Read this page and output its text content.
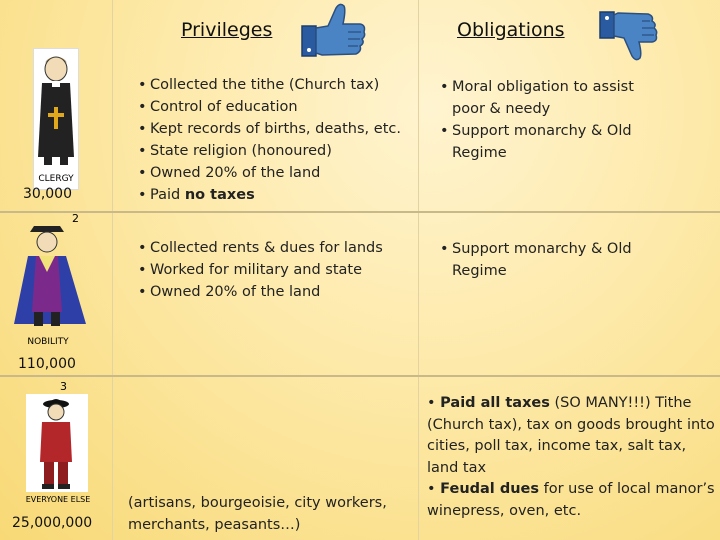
Privileges	Obligations
CLERGY
30,000
• Collected the tithe (Church tax)
• Control of education
• Kept records of births, deaths, etc.
• State religion (honoured)
• Owned 20% of the land
• Paid no taxes
• Moral obligation to assist poor & needy
• Support monarchy & Old Regime
2
NOBILITY
110,000
• Collected rents & dues for lands
• Worked for military and state
• Owned 20% of the land
• Support monarchy & Old Regime
3
EVERYONE ELSE
25,000,000
(artisans, bourgeoisie, city workers, merchants, peasants…)
• Paid all taxes (SO MANY!!!) Tithe (Church tax), tax on goods brought into cities, poll tax, income tax, salt tax, land tax
• Feudal dues for use of local manor’s winepress, oven, etc.
